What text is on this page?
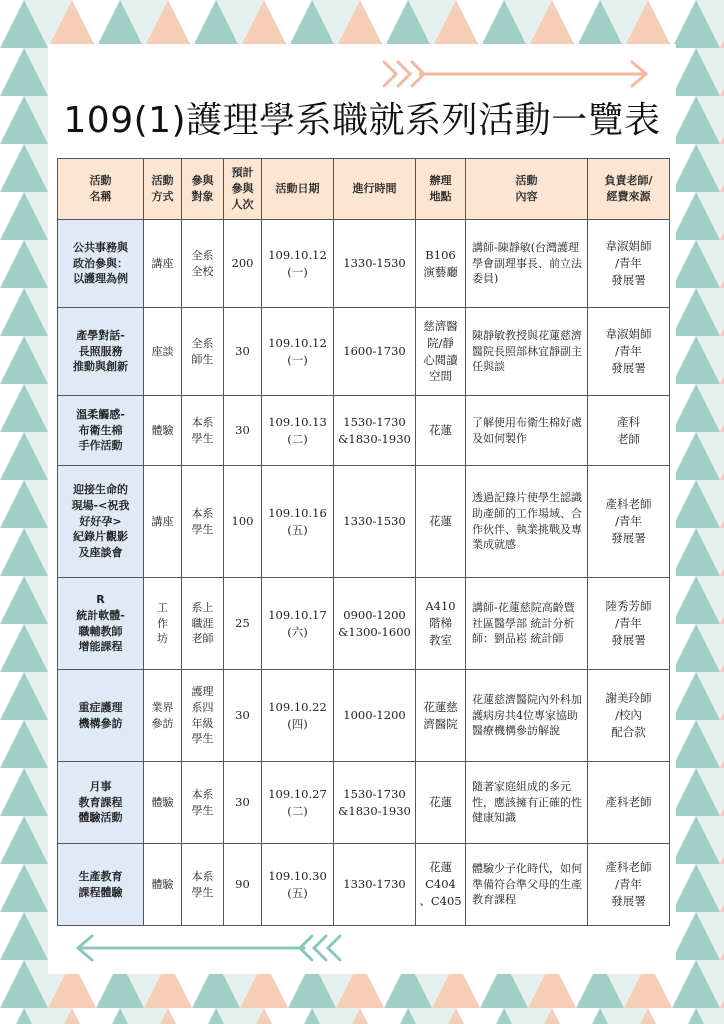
109(1)護理學系職就系列活動一覽表
活動
名稱	活動
方式	參與
對象	預計
參與
人次	活動日期	進行時間	辦理
地點	活動
內容	負責老師/
經費來源
公共事務與
政治參與：
以護理為例	講座	全系
全校	200	109.10.12
(一)	1330-1530	B106
演藝廳	講師-陳靜敏(台灣護理學會副理事長、前立法委員)	韋淑娟師
/青年
發展署
產學對話-
長照服務
推動與創新	座談	全系
師生	30	109.10.12
(一)	1600-1730	慈濟醫
院/靜
心閱讀
空間	陳靜敏教授與花蓮慈濟醫院長照部林宜靜副主任與談	韋淑娟師
/青年
發展署
溫柔觸感-
布衛生棉
手作活動	體驗	本系
學生	30	109.10.13
(二)	1530-1730
&1830-1930	花蓮	了解使用布衛生棉好處及如何製作	產科
老師
迎接生命的
現場-<祝我
好好孕>
紀錄片觀影
及座談會	講座	本系
學生	100	109.10.16
(五)	1330-1530	花蓮	透過記錄片使學生認識助產師的工作場域、合作伙伴、執業挑戰及專業成就感	產科老師
/青年
發展署
R
統計軟體-
職輔教師
增能課程	工
作
坊	系上
職涯
老師	25	109.10.17
(六)	0900-1200
&1300-1600	A410
階梯
教室	講師-花蓮慈院高齡暨社區醫學部 統計分析師：劉品崧 統計師	陸秀芳師
/青年
發展署
重症護理
機構參訪	業界
參訪	護理
系四
年級
學生	30	109.10.22
(四)	1000-1200	花蓮慈
濟醫院	花蓮慈濟醫院內外科加護病房共4位專家協助醫療機構參訪解說	謝美玲師
/校內
配合款
月事
教育課程
體驗活動	體驗	本系
學生	30	109.10.27
(二)	1530-1730
&1830-1930	花蓮	隨著家庭組成的多元性，應該擁有正確的性健康知識	產科老師
生產教育
課程體驗	體驗	本系
學生	90	109.10.30
(五)	1330-1730	花蓮
C404
、C405	體驗少子化時代，如何準備符合準父母的生產教育課程	產科老師
/青年
發展署
